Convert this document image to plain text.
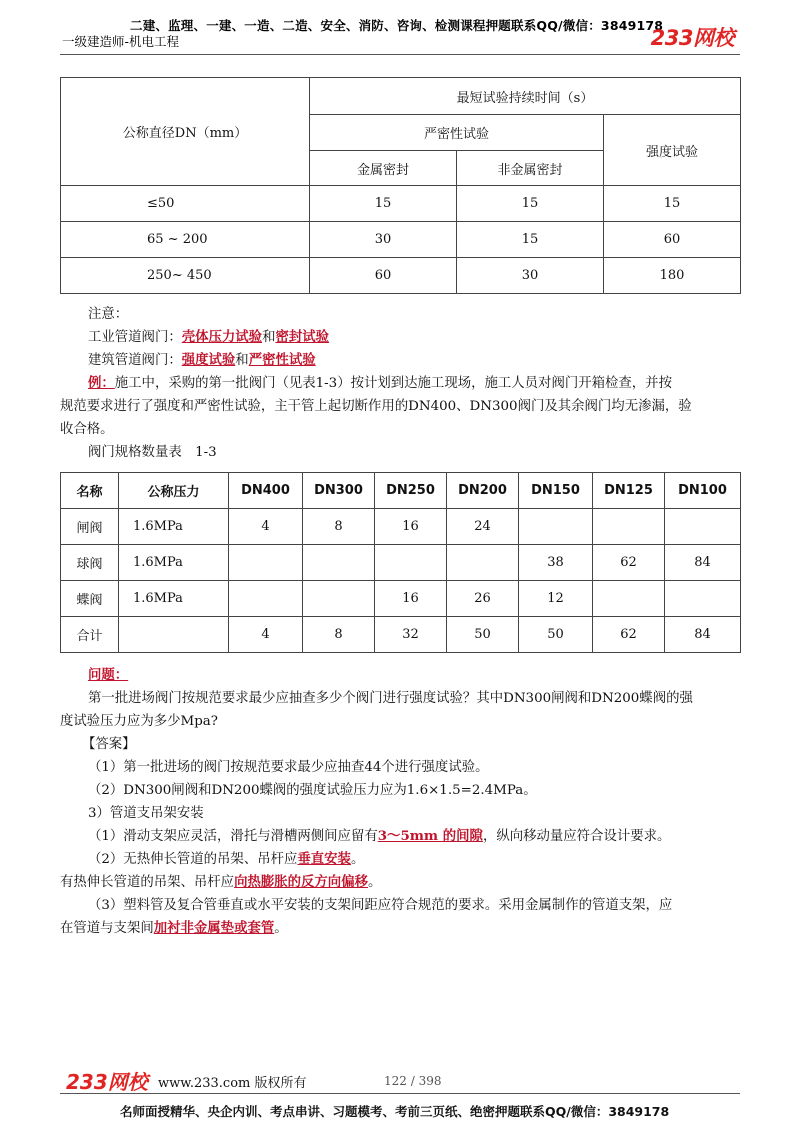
二建、监理、一建、一造、二造、安全、消防、咨询、检测课程押题联系QQ/微信：3849178
一级建造师-机电工程	233网校
公称直径DN（mm）	最短试验持续时间（s）		
	严密性试验		强度试验
	金属密封	非金属密封	
≤50	15	15	15
65 ~ 200	30	15	60
250~ 450	60	30	180
注意：
工业管道阀门：壳体压力试验和密封试验
建筑管道阀门：强度试验和严密性试验
例：施工中，采购的第一批阀门（见表1-3）按计划到达施工现场，施工人员对阀门开箱检查，并按
规范要求进行了强度和严密性试验，主干管上起切断作用的DN400、DN300阀门及其余阀门均无渗漏，验
收合格。
阀门规格数量表　1-3
名称	公称压力	DN400	DN300	DN250	DN200	DN150	DN125	DN100
闸阀	1.6MPa	4	8	16	24			
球阀	1.6MPa					38	62	84
蝶阀	1.6MPa			16	26	12		
合计		4	8	32	50	50	62	84
问题：
第一批进场阀门按规范要求最少应抽查多少个阀门进行强度试验？其中DN300闸阀和DN200蝶阀的强
度试验压力应为多少Mpa?
【答案】
（1）第一批进场的阀门按规范要求最少应抽查44个进行强度试验。
（2）DN300闸阀和DN200蝶阀的强度试验压力应为1.6×1.5=2.4MPa。
3）管道支吊架安装
（1）滑动支架应灵活，滑托与滑槽两侧间应留有3～5mm 的间隙，纵向移动量应符合设计要求。
（2）无热伸长管道的吊架、吊杆应垂直安装。
有热伸长管道的吊架、吊杆应向热膨胀的反方向偏移。
（3）塑料管及复合管垂直或水平安装的支架间距应符合规范的要求。采用金属制作的管道支架，应
在管道与支架间加衬非金属垫或套管。
233网校 www.233.com 版权所有	122 / 398
名师面授精华、央企内训、考点串讲、习题模考、考前三页纸、绝密押题联系QQ/微信：3849178
